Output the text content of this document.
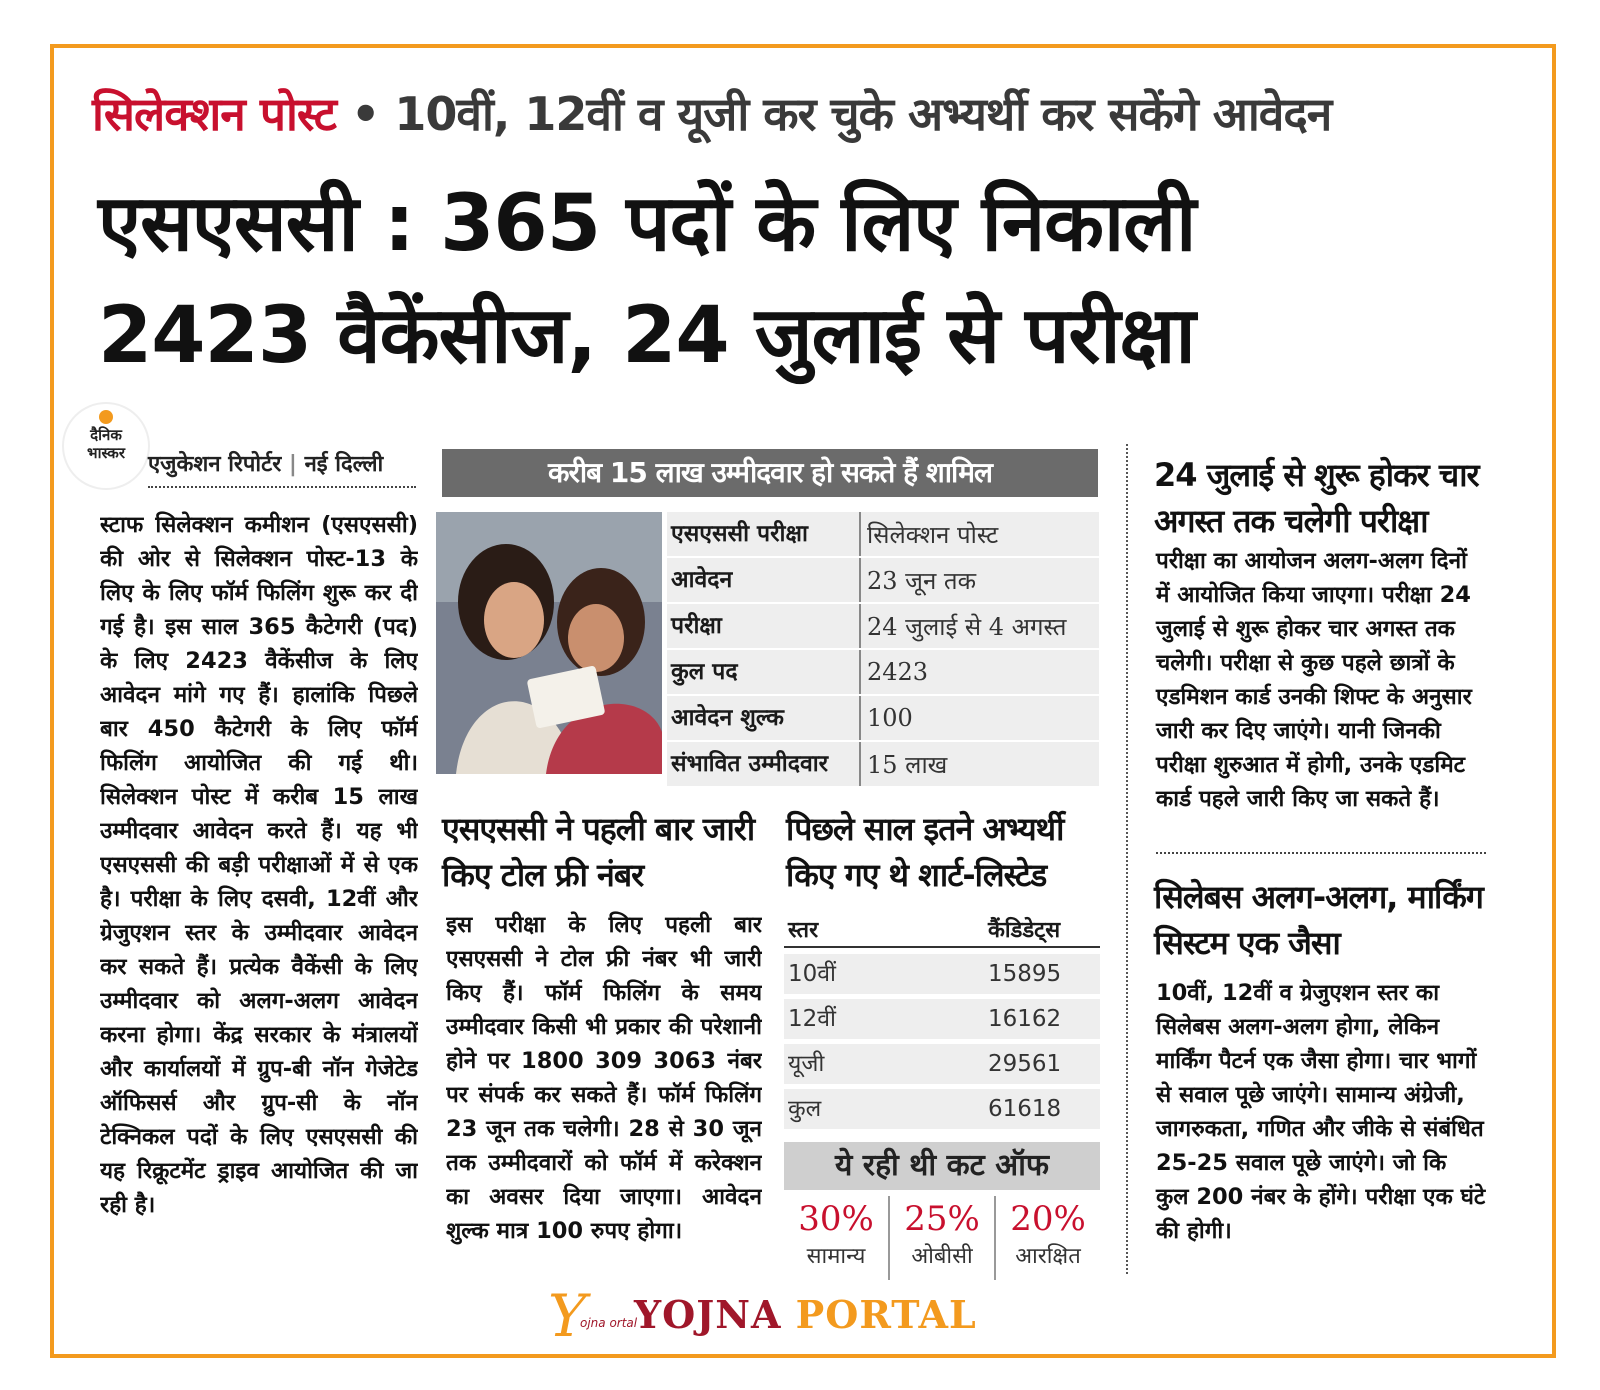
सिलेक्शन पोस्ट • 10वीं, 12वीं व यूजी कर चुके अभ्यर्थी कर सकेंगे आवेदन
एसएससी : 365 पदों के लिए निकाली
2423 वैकेंसीज, 24 जुलाई से परीक्षा
दैनिक
भास्कर	एजुकेशन रिपोर्टर | नई दिल्ली
स्टाफ सिलेक्शन कमीशन (एसएससी) की ओर से सिलेक्शन पोस्ट-13 के लिए के लिए फॉर्म फिलिंग शुरू कर दी गई है। इस साल 365 कैटेगरी (पद) के लिए 2423 वैकेंसीज के लिए आवेदन मांगे गए हैं। हालांकि पिछले बार 450 कैटेगरी के लिए फॉर्म फिलिंग आयोजित की गई थी। सिलेक्शन पोस्ट में करीब 15 लाख उम्मीदवार आवेदन करते हैं। यह भी एसएससी की बड़ी परीक्षाओं में से एक है। परीक्षा के लिए दसवी, 12वीं और ग्रेजुएशन स्तर के उम्मीदवार आवेदन कर सकते हैं। प्रत्येक वैकेंसी के लिए उम्मीदवार को अलग-अलग आवेदन करना होगा। केंद्र सरकार के मंत्रालयों और कार्यालयों में ग्रुप-बी नॉन गेजेटेड ऑफिसर्स और ग्रुप-सी के नॉन टेक्निकल पदों के लिए एसएससी की यह रिक्रूटमेंट ड्राइव आयोजित की जा रही है।
करीब 15 लाख उम्मीदवार हो सकते हैं शामिल
एसएससी परीक्षा	सिलेक्शन पोस्ट
आवेदन	23 जून तक
परीक्षा	24 जुलाई से 4 अगस्त
कुल पद	2423
आवेदन शुल्क	100
संभावित उम्मीदवार	15 लाख
एसएससी ने पहली बार जारी किए टोल फ्री नंबर
इस परीक्षा के लिए पहली बार एसएससी ने टोल फ्री नंबर भी जारी किए हैं। फॉर्म फिलिंग के समय उम्मीदवार किसी भी प्रकार की परेशानी होने पर 1800 309 3063 नंबर पर संपर्क कर सकते हैं। फॉर्म फिलिंग 23 जून तक चलेगी। 28 से 30 जून तक उम्मीदवारों को फॉर्म में करेक्शन का अवसर दिया जाएगा। आवेदन शुल्क मात्र 100 रुपए होगा।
पिछले साल इतने अभ्यर्थी किए गए थे शार्ट-लिस्टेड
स्तर	कैंडिडेट्स
10वीं	15895
12वीं	16162
यूजी	29561
कुल	61618
ये रही थी कट ऑफ
30%
सामान्य
25%
ओबीसी
20%
आरक्षित
24 जुलाई से शुरू होकर चार अगस्त तक चलेगी परीक्षा
परीक्षा का आयोजन अलग-अलग दिनों में आयोजित किया जाएगा। परीक्षा 24 जुलाई से शुरू होकर चार अगस्त तक चलेगी। परीक्षा से कुछ पहले छात्रों के एडमिशन कार्ड उनकी शिफ्ट के अनुसार जारी कर दिए जाएंगे। यानी जिनकी परीक्षा शुरुआत में होगी, उनके एडमिट कार्ड पहले जारी किए जा सकते हैं।
सिलेबस अलग-अलग, मार्किंग सिस्टम एक जैसा
10वीं, 12वीं व ग्रेजुएशन स्तर का सिलेबस अलग-अलग होगा, लेकिन मार्किंग पैटर्न एक जैसा होगा। चार भागों से सवाल पूछे जाएंगे। सामान्य अंग्रेजी, जागरुकता, गणित और जीके से संबंधित 25-25 सवाल पूछे जाएंगे। जो कि कुल 200 नंबर के होंगे। परीक्षा एक घंटे की होगी।
Y
ojna ortal
YOJNA PORTAL
